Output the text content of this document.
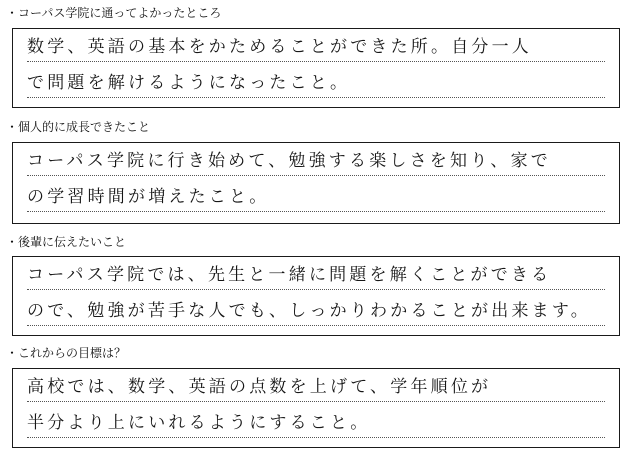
・コーパス学院に通ってよかったところ
数学、英語の基本をかためることができた所。自分一人
で問題を解けるようになったこと。
・個人的に成長できたこと
コーパス学院に行き始めて、勉強する楽しさを知り、家で
の学習時間が増えたこと。
・後輩に伝えたいこと
コーパス学院では、先生と一緒に問題を解くことができる
ので、勉強が苦手な人でも、しっかりわかることが出来ます。
・これからの目標は？
高校では、数学、英語の点数を上げて、学年順位が
半分より上にいれるようにすること。
